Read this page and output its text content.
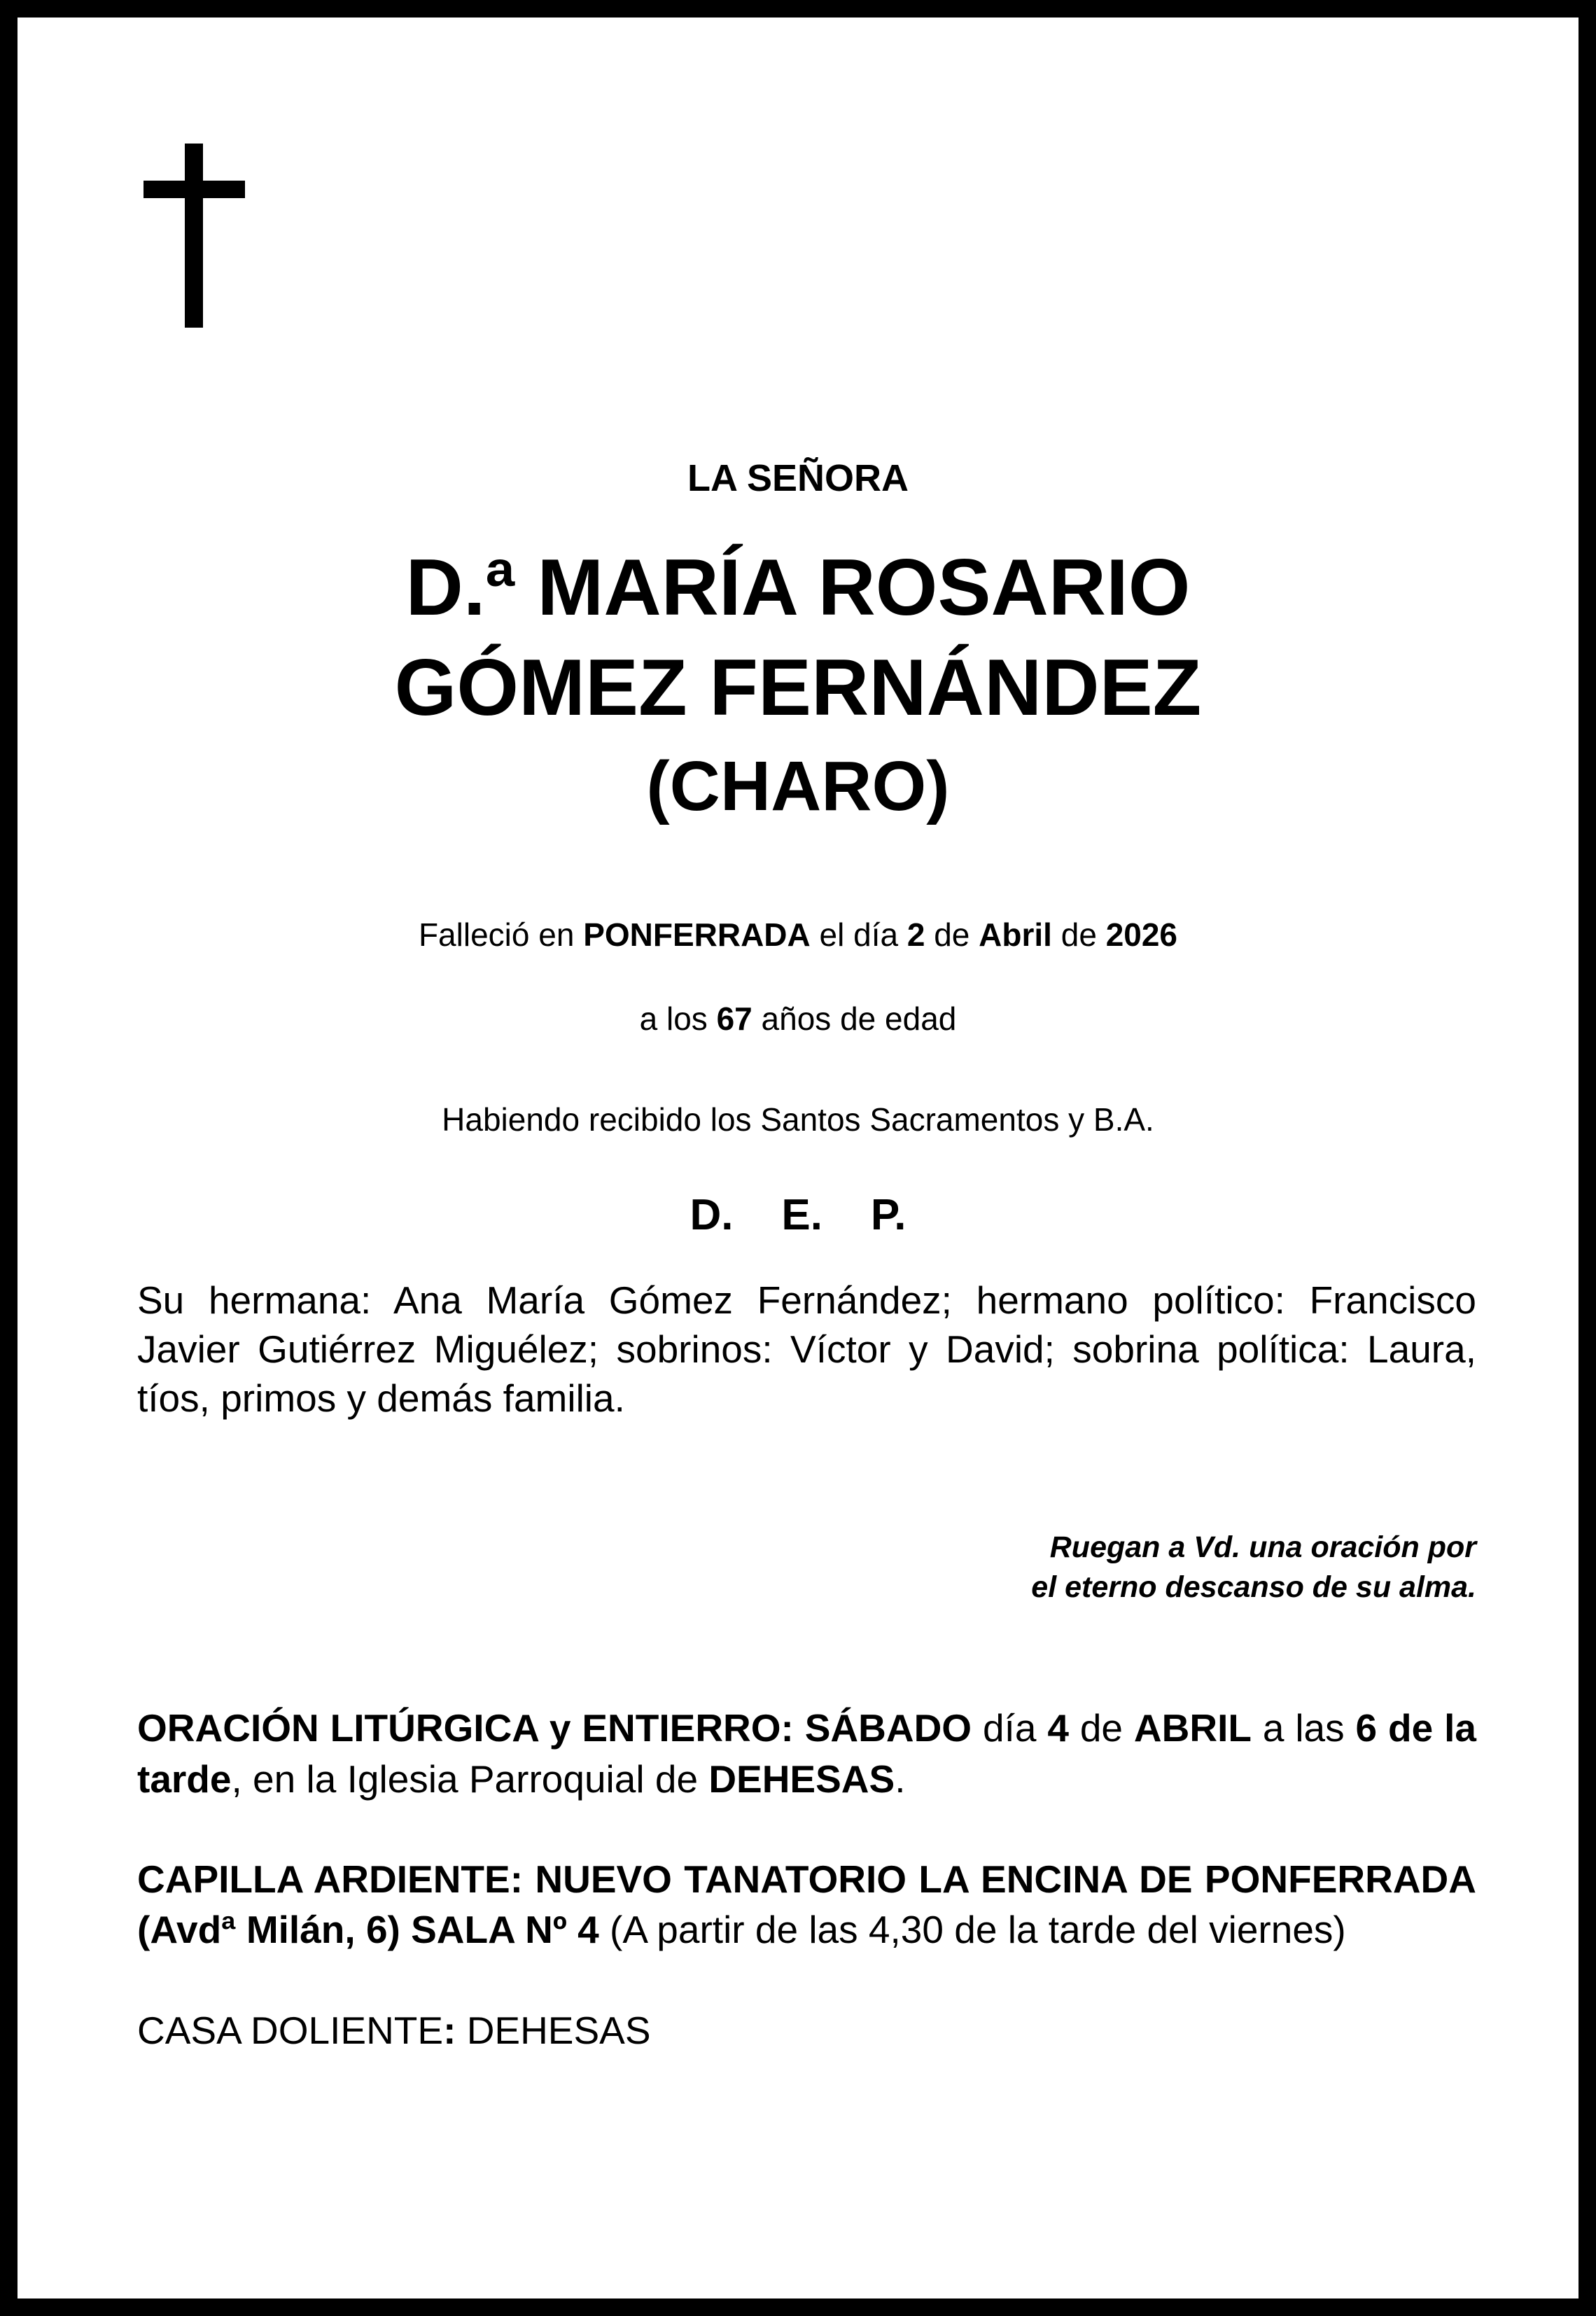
LA SEÑORA
D.ª MARÍA ROSARIO
GÓMEZ FERNÁNDEZ
(CHARO)
Falleció en PONFERRADA el día 2 de Abril de 2026
a los 67 años de edad
Habiendo recibido los Santos Sacramentos y B.A.
D.    E.    P.
Su hermana: Ana María Gómez Fernández; hermano político: Francisco Javier Gutiérrez Miguélez; sobrinos: Víctor y David; sobrina política: Laura, tíos, primos y demás familia.
Ruegan a Vd. una oración por
el eterno descanso de su alma.
ORACIÓN LITÚRGICA y ENTIERRO: SÁBADO día 4 de ABRIL a las 6 de la tarde, en la Iglesia Parroquial de DEHESAS.
CAPILLA ARDIENTE: NUEVO TANATORIO LA ENCINA DE PONFERRADA (Avdª Milán, 6) SALA Nº 4 (A partir de las 4,30 de la tarde del viernes)
CASA DOLIENTE: DEHESAS
